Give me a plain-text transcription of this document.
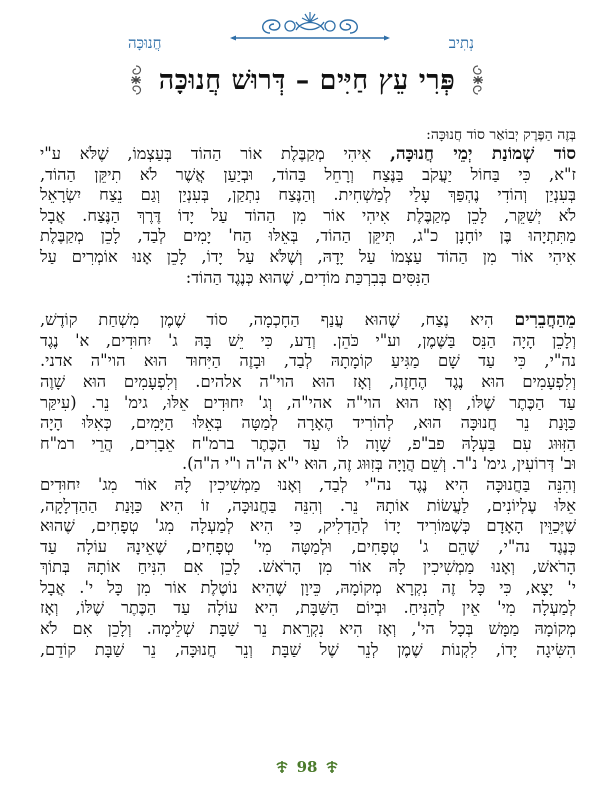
נְתִיב
חֲנוּכָּה
פְּרִי עֵץ חַיִּים – דְּרוּשׁ חֲנוּכָּה
בְּזֶה הַפֶּרֶק יְבוֹאַר סוֹד חֲנוּכָּה:
סוֹד שְׁמוֹנַת יְמֵי חֲנוּכָּה, אִיהִי מְקַבֶּלֶת אוֹר הַהוֹד בְּעַצְמוֹ, שֶׁלֹּא ע"י
ז"א, כִּי בַּחוֹל יַעֲקֹב בַּנֶּצַח וְרָחֵל בַּהוֹד, וּבְיַעַן אֲשֶׁר לֹא תִיקֵּן הַהוֹד,
בְּעִנְיַן וְהוֹדִי נֶהְפַּךְ עָלַי לְמַשְׁחִית. וְהַנֶּצַח נִתְקַן, בְּעִנְיַן וְגַם נֵצַח יִשְׂרָאֵל
לֹא יְשַׁקֵּר, לָכֵן מְקַבֶּלֶת אִיהִי אוֹר מִן הַהוֹד עַל יָדוֹ דֶּרֶךְ הַנֶּצַח. אֲבָל
מַתִּתְיָהוּ בֶּן יוֹחָנָן כ"ג, תִּיקֵּן הַהוֹד, בְּאֵלּוּ הַח' יָמִים לְבַד, לָכֵן מְקַבֶּלֶת
אִיהִי אוֹר מִן הַהוֹד עַצְמוֹ עַל יָדָהּ, וְשֶׁלֹּא עַל יָדוֹ, לָכֵן אָנוּ אוֹמְרִים עַל
הַנִּסִּים בְּבִרְכַּת מוֹדִים, שֶׁהוּא כְּנֶגֶד הַהוֹד:
מֵהַחֲבֵרִים הִיא נֶצַח, שֶׁהוּא עֲנַף הַחָכְמָה, סוֹד שֶׁמֶן מִשְׁחַת קוֹדֶשׁ,
וְלָכֵן הָיָה הַנֵּס בַּשֶּׁמֶן, וע"י כֹּהֵן. וְדַע, כִּי יֵשׁ בָּהּ ג' יִחוּדִים, א' נֶגֶד
נה"י, כִּי עַד שָׁם מַגִּיעַ קוֹמָתָהּ לְבַד, וּבָזֶה הַיִּחוּד הוּא הוי"ה אדני.
וְלִפְעָמִים הוּא נֶגֶד הֶחָזֶה, וְאָז הוּא הוי"ה אלהים. וְלִפְעָמִים הוּא שָׁוֶה
עַד הַכֶּתֶר שֶׁלּוֹ, וְאָז הוּא הוי"ה אהי"ה, וְג' יִחוּדִים אֵלּוּ, גימ' נֵר. (עִיקַּר
כַּוָּנַת נֵר חֲנוּכָּה הוּא, לְהוֹרִיד הֶאָרָה לְמַטָּה בְּאֵלּוּ הַיָּמִים, כְּאִלּוּ הָיָה
הַזִּוּוּג עִם בַּעְלָהּ פב"פ, שָׁוָה לוֹ עַד הַכֶּתֶר ברמ"ח אֵבָרִים, הֲרֵי רמ"ח
וּב' דְּרוֹעִין, גימ' נ"ר. וְשֵׁם הֲוָיָה בְּזִוּוּג זֶה, הוּא י"א ה"ה ו"י ה"ה).
וְהִנֵּה בַּחֲנוּכָּה הִיא נֶגֶד נה"י לְבַד, וְאָנוּ מַמְשִׁיכִין לָהּ אוֹר מִג' יִחוּדִים
אֵלּוּ עֶלְיוֹנִים, לַעֲשׂוֹת אוֹתָהּ נֵר. וְהִנֵּה בַּחֲנוּכָּה, זוֹ הִיא כַּוָּנַת הַהַדְלָקָה,
שֶׁיְּכַוֵּין הָאָדָם כְּשֶׁמּוֹרִיד יָדוֹ לְהַדְלִיק, כִּי הִיא לְמַעְלָה מִג' טְפָחִים, שֶׁהוּא
כְּנֶגֶד נה"י, שֶׁהֵם ג' טְפָחִים, וּלְמַטָּה מִי' טְפָחִים, שֶׁאֵינָהּ עוֹלָה עַד
הָרֹאשׁ, וְאָנוּ מַמְשִׁיכִין לָהּ אוֹר מִן הָרֹאשׁ. לָכֵן אִם הִנִּיחַ אוֹתָהּ בְּתוֹךְ
י' יָצָא, כִּי כָּל זֶה נִקְרָא מְקוֹמָהּ, כֵּיוָן שֶׁהִיא נוֹטֶלֶת אוֹר מִן כָּל י'. אֲבָל
לְמַעְלָה מִי' אֵין לְהַנִּיחַ. וּבְיוֹם הַשַּׁבָּת, הִיא עוֹלָה עַד הַכֶּתֶר שֶׁלּוֹ, וְאָז
מְקוֹמָהּ מַמָּשׁ בְּכָל הי', וְאָז הִיא נִקְרֵאת נֵר שַׁבָּת שְׁלֵימָה. וְלָכֵן אִם לֹא
הִשִּׂיגָה יָדוֹ, לִקְנוֹת שֶׁמֶן לְנֵר שֶׁל שַׁבָּת וְנֵר חֲנוּכָּה, נֵר שַׁבָּת קוֹדֵם,
98
